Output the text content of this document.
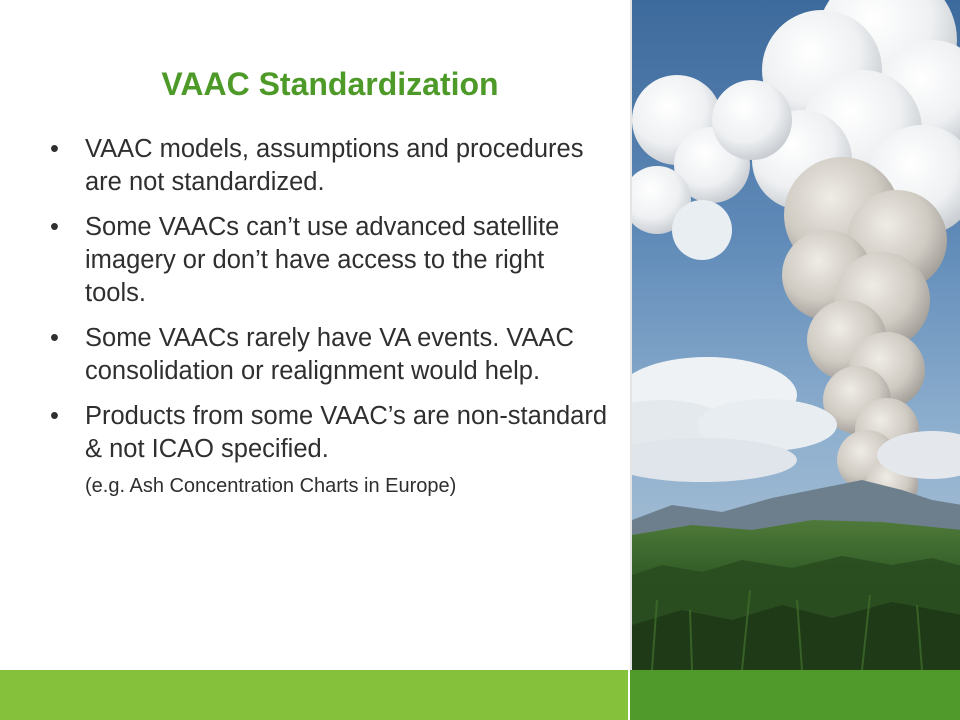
VAAC Standardization
• VAAC models, assumptions and procedures are not standardized.
• Some VAACs can’t use advanced satellite imagery or don’t have access to the right tools.
• Some VAACs rarely have VA events. VAAC consolidation or realignment would help.
• Products from some VAAC’s are non-standard & not ICAO specified.
(e.g. Ash Concentration Charts in Europe)
